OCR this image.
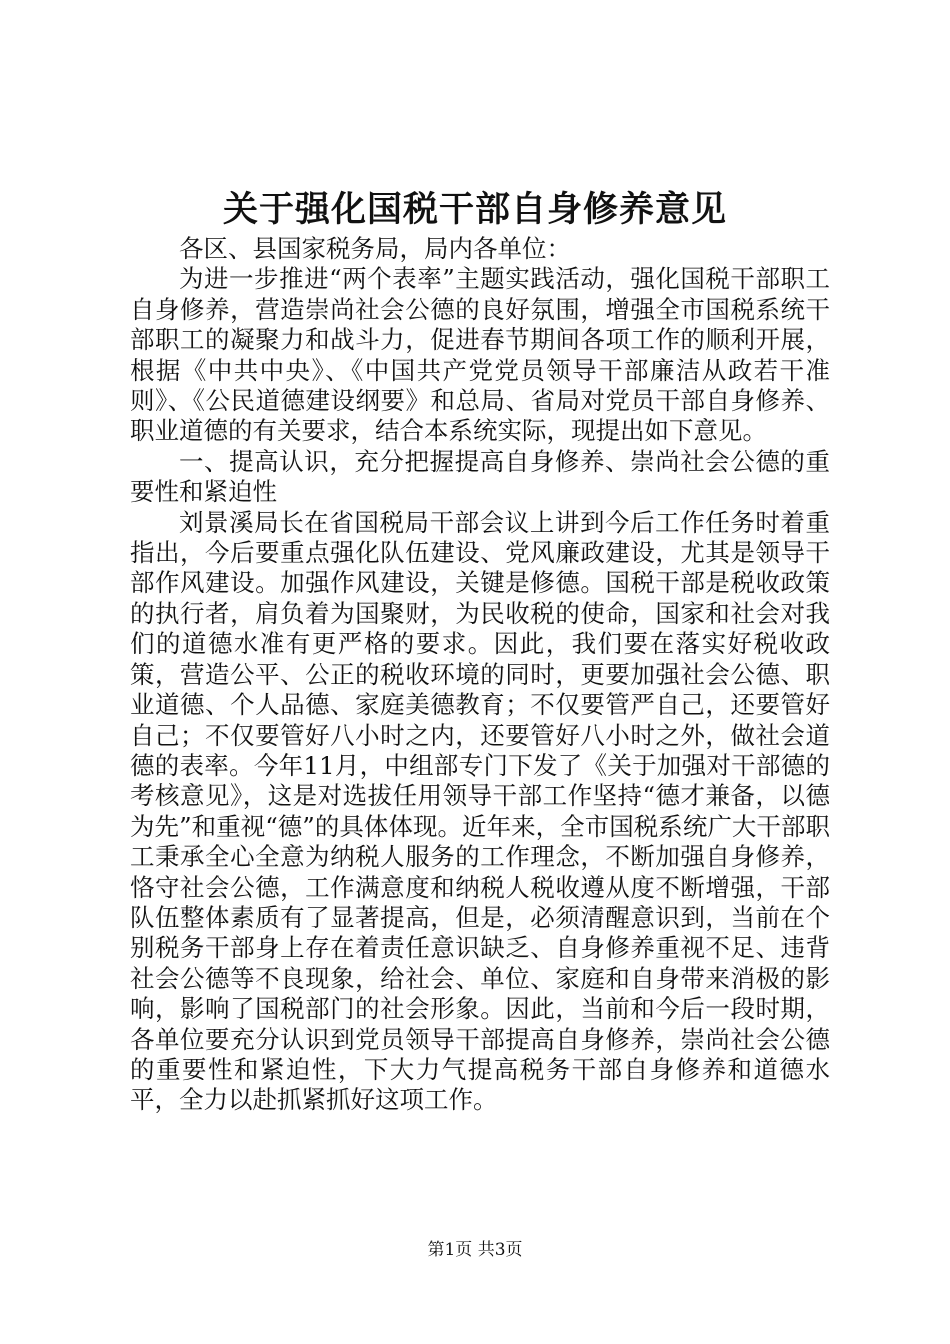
关于强化国税干部自身修养意见

各区、县国家税务局，局内各单位：

为进一步推进“两个表率”主题实践活动，强化国税干部职工自身修养，营造崇尚社会公德的良好氛围，增强全市国税系统干部职工的凝聚力和战斗力，促进春节期间各项工作的顺利开展，根据《中共中央》、《中国共产党党员领导干部廉洁从政若干准则》、《公民道德建设纲要》和总局、省局对党员干部自身修养、职业道德的有关要求，结合本系统实际，现提出如下意见。

一、提高认识，充分把握提高自身修养、崇尚社会公德的重要性和紧迫性

刘景溪局长在省国税局干部会议上讲到今后工作任务时着重指出，今后要重点强化队伍建设、党风廉政建设，尤其是领导干部作风建设。加强作风建设，关键是修德。国税干部是税收政策的执行者，肩负着为国聚财，为民收税的使命，国家和社会对我们的道德水准有更严格的要求。因此，我们要在落实好税收政策，营造公平、公正的税收环境的同时，更要加强社会公德、职业道德、个人品德、家庭美德教育；不仅要管严自己，还要管好自己；不仅要管好八小时之内，还要管好八小时之外，做社会道德的表率。今年11月，中组部专门下发了《关于加强对干部德的考核意见》，这是对选拔任用领导干部工作坚持“德才兼备，以德为先”和重视“德”的具体体现。近年来，全市国税系统广大干部职工秉承全心全意为纳税人服务的工作理念，不断加强自身修养，恪守社会公德，工作满意度和纳税人税收遵从度不断增强，干部队伍整体素质有了显著提高，但是，必须清醒意识到，当前在个别税务干部身上存在着责任意识缺乏、自身修养重视不足、违背社会公德等不良现象，给社会、单位、家庭和自身带来消极的影响，影响了国税部门的社会形象。因此，当前和今后一段时期，各单位要充分认识到党员领导干部提高自身修养，崇尚社会公德的重要性和紧迫性，下大力气提高税务干部自身修养和道德水平，全力以赴抓紧抓好这项工作。

第1页 共3页
